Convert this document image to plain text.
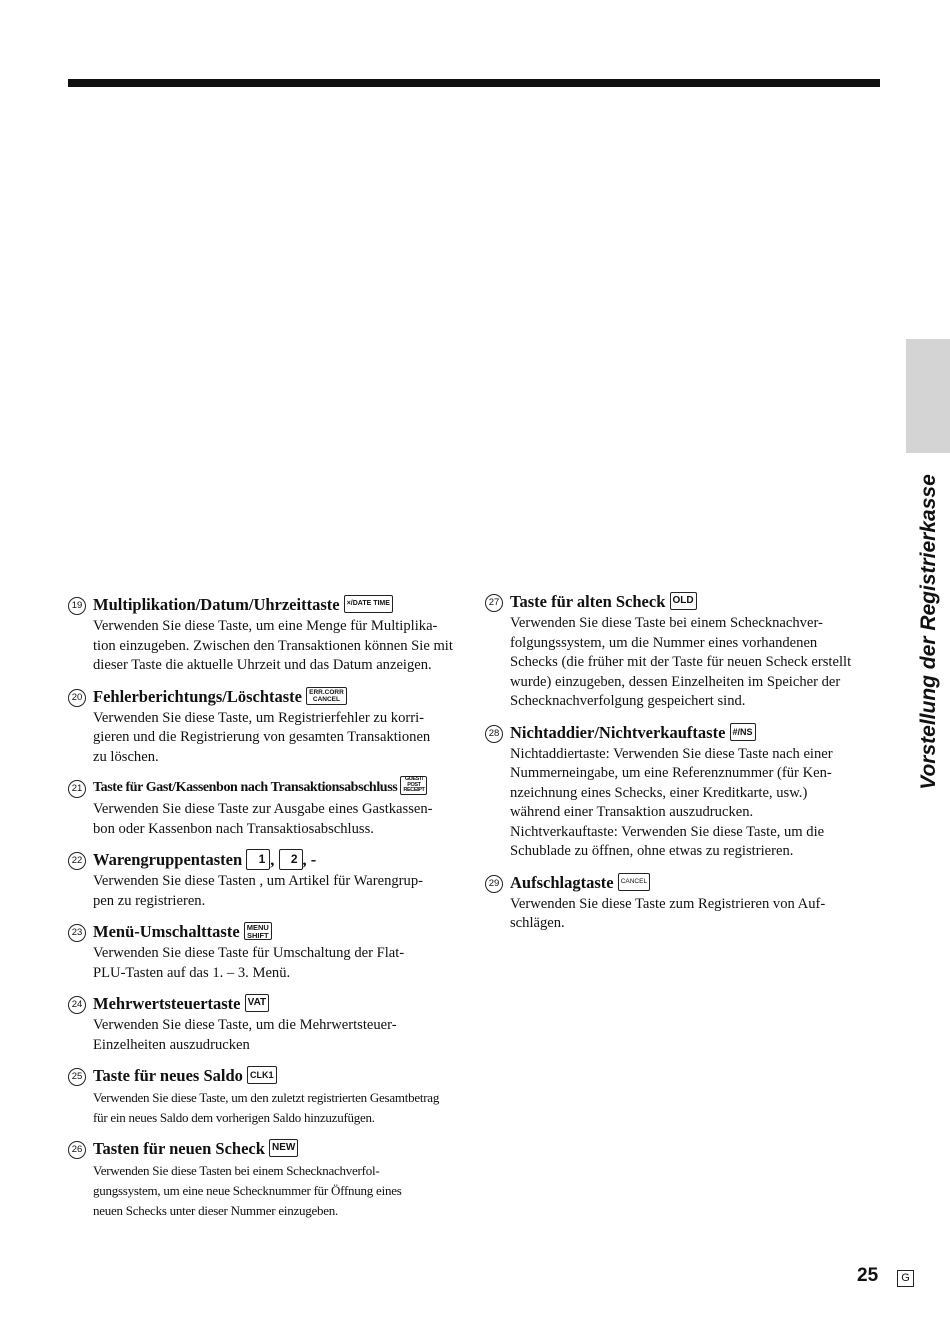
Vorstellung der Registrierkasse
19 Multiplikation/Datum/Uhrzeittaste ×/DATE TIME

Verwenden Sie diese Taste, um eine Menge für Multiplika-

tion einzugeben. Zwischen den Transaktionen können Sie mit

dieser Taste die aktuelle Uhrzeit und das Datum anzeigen.

20 Fehlerberichtungs/Löschtaste ERR.CORR
CANCEL

Verwenden Sie diese Taste, um Registrierfehler zu korri-

gieren und die Registrierung von gesamten Transaktionen

zu löschen.

21 Taste für Gast/Kassenbon nach Transaktionsabschluss
GUEST/
POST
RECEIPT

Verwenden Sie diese Taste zur Ausgabe eines Gastkassen-

bon oder Kassenbon nach Transaktiosabschluss.

22 Warengruppentasten 1 , 2 , -

Verwenden Sie diese Tasten , um Artikel für Warengrup-

pen zu registrieren.

23 Menü-Umschalttaste MENU
SHIFT

Verwenden Sie diese Taste für Umschaltung der Flat-

PLU-Tasten auf das 1. – 3. Menü.

24 Mehrwertsteuertaste VAT

Verwenden Sie diese Taste, um die Mehrwertsteuer-

Einzelheiten auszudrucken

25 Taste für neues Saldo CLK1

Verwenden Sie diese Taste, um den zuletzt registrierten Gesamtbetrag

für ein neues Saldo dem vorherigen Saldo hinzuzufügen.

26 Tasten für neuen Scheck NEW

Verwenden Sie diese Tasten bei einem Schecknachverfol-

gungssystem, um eine neue Schecknummer für Öffnung eines

neuen Schecks unter dieser Nummer einzugeben.

27 Taste für alten Scheck OLD

Verwenden Sie diese Taste bei einem Schecknachver-

folgungssystem, um die Nummer eines vorhandenen

Schecks (die früher mit der Taste für neuen Scheck erstellt

wurde) einzugeben, dessen Einzelheiten im Speicher der

Schecknachverfolgung gespeichert sind.

28 Nichtaddier/Nichtverkauftaste #/NS

Nichtaddiertaste: Verwenden Sie diese Taste nach einer

Nummerneingabe, um eine Referenznummer (für Ken-

nzeichnung eines Schecks, einer Kreditkarte, usw.)

während einer Transaktion auszudrucken.

Nichtverkauftaste: Verwenden Sie diese Taste, um die

Schublade zu öffnen, ohne etwas zu registrieren.

29 Aufschlagtaste CANCEL

Verwenden Sie diese Taste zum Registrieren von Auf-

schlägen.

25	G
